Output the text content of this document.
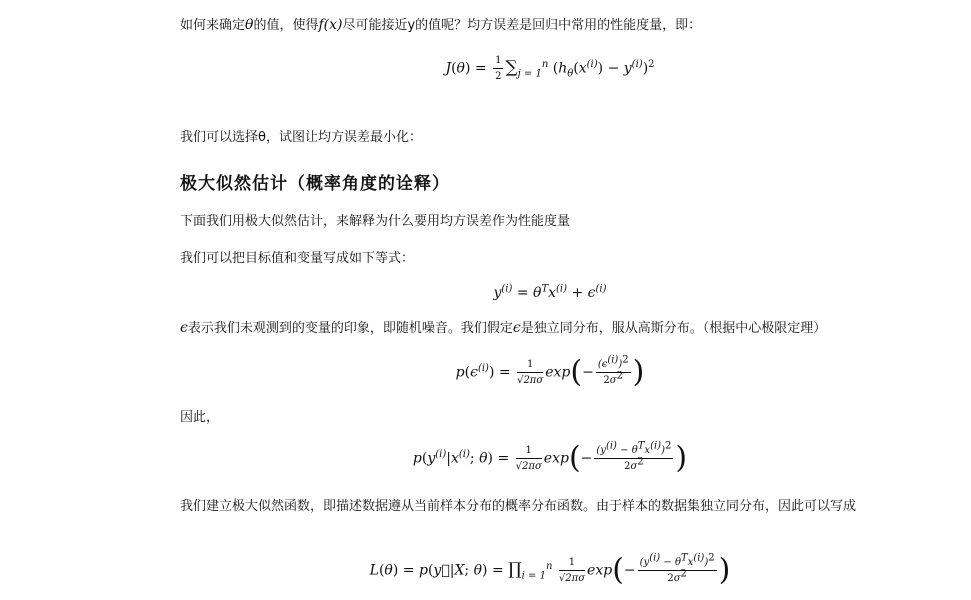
如何来确定θ的值，使得f(x)尽可能接近y的值呢？均方误差是回归中常用的性能度量，即：
$J(\theta) = \frac{1}{2} \sum_{j = 1}^n$ $(h_\theta(x^{(i)}) - y^{(i)})^2$
我们可以选择θ，试图让均方误差最小化：
极大似然估计（概率角度的诠释）
下面我们用极大似然估计，来解释为什么要用均方误差作为性能度量
我们可以把目标值和变量写成如下等式：
$y^{(i)} = \theta^Tx^{(i)} + \epsilon^{(i)}$
ϵ表示我们未观测到的变量的印象，即随机噪音。我们假定ϵ是独立同分布，服从高斯分布。（根据中心极限定理）
$p(\epsilon^{(i)}) = \frac{1}{√2\pi\sigma} \exp(- \frac{(\epsilon^{(i)})^2}{2\sigma^2}$ )
因此，
$p(y^{(i)}|x^{(i)}$; $\theta) = \frac{1}{√2\pi\sigma} \exp(- \frac{(y^{(i)} - \theta^Tx^{(i)})^2}{2\sigma^2}$ )
我们建立极大似然函数，即描述数据遵从当前样本分布的概率分布函数。由于样本的数据集独立同分布，因此可以写成
L(θ) = p(y⃗|X; $\theta) = \prod_{i = 1}^n \frac{1}{√2\pi\sigma} \exp(- \frac{(y^{(i)} - \theta^Tx^{(i)})^2}{2\sigma^2}$ )
